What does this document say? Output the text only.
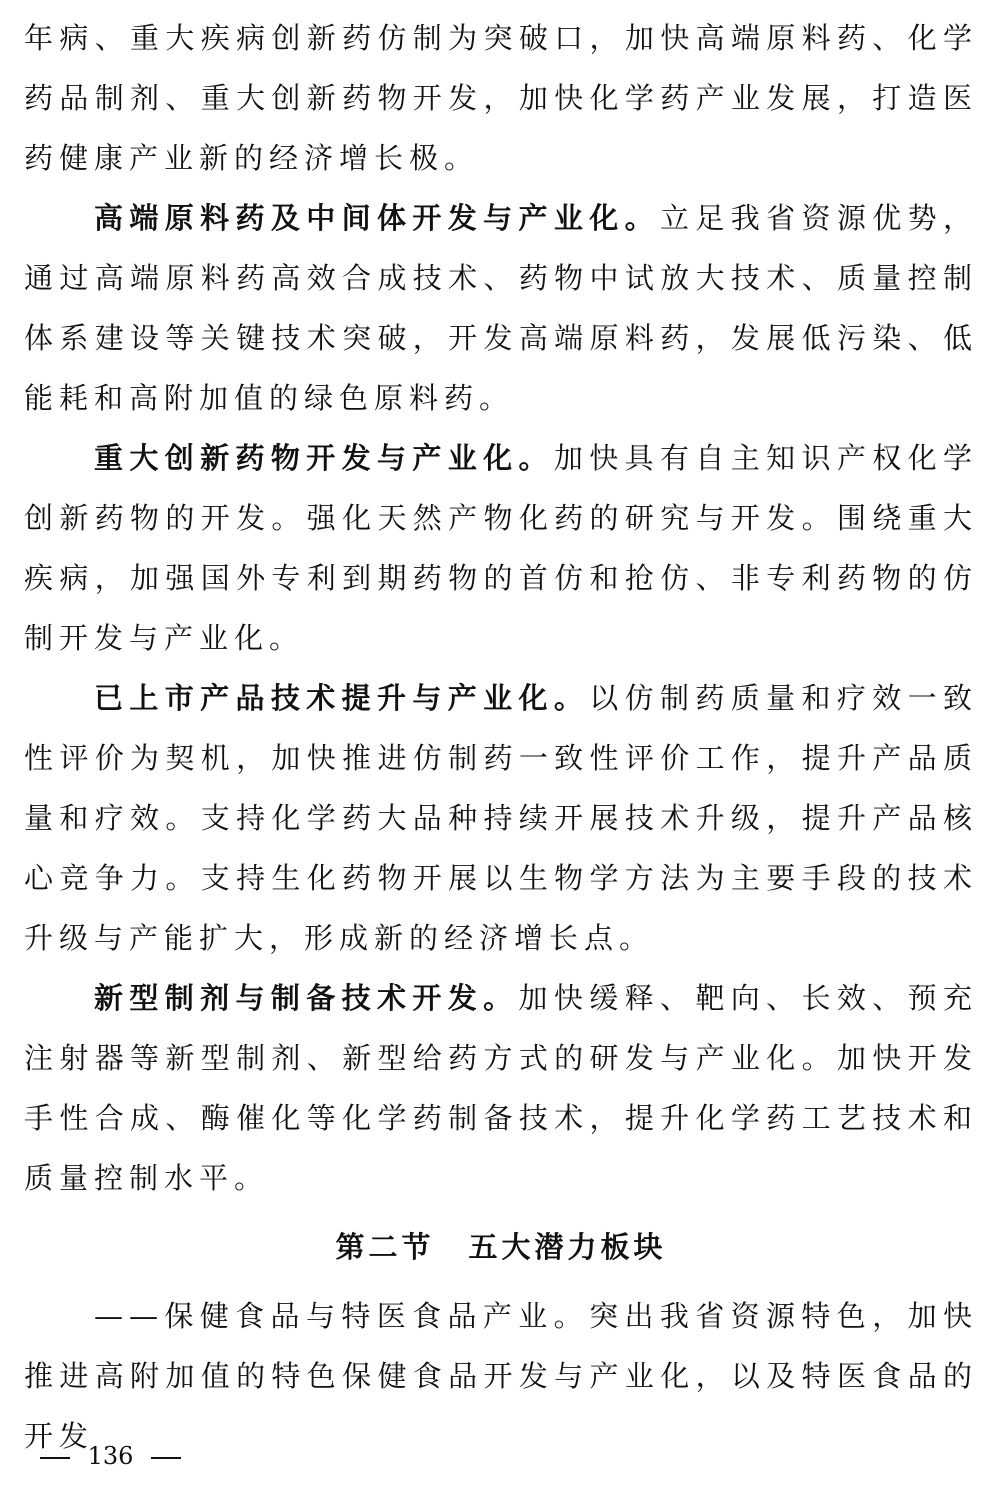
年病、重大疾病创新药仿制为突破口，加快高端原料药、化学药品制剂、重大创新药物开发，加快化学药产业发展，打造医药健康产业新的经济增长极。

高端原料药及中间体开发与产业化。立足我省资源优势，通过高端原料药高效合成技术、药物中试放大技术、质量控制体系建设等关键技术突破，开发高端原料药，发展低污染、低能耗和高附加值的绿色原料药。

重大创新药物开发与产业化。加快具有自主知识产权化学创新药物的开发。强化天然产物化药的研究与开发。围绕重大疾病，加强国外专利到期药物的首仿和抢仿、非专利药物的仿制开发与产业化。

已上市产品技术提升与产业化。以仿制药质量和疗效一致性评价为契机，加快推进仿制药一致性评价工作，提升产品质量和疗效。支持化学药大品种持续开展技术升级，提升产品核心竞争力。支持生化药物开展以生物学方法为主要手段的技术升级与产能扩大，形成新的经济增长点。

新型制剂与制备技术开发。加快缓释、靶向、长效、预充注射器等新型制剂、新型给药方式的研发与产业化。加快开发手性合成、酶催化等化学药制备技术，提升化学药工艺技术和质量控制水平。

第二节 五大潜力板块

——保健食品与特医食品产业。突出我省资源特色，加快推进高附加值的特色保健食品开发与产业化，以及特医食品的开发

136
